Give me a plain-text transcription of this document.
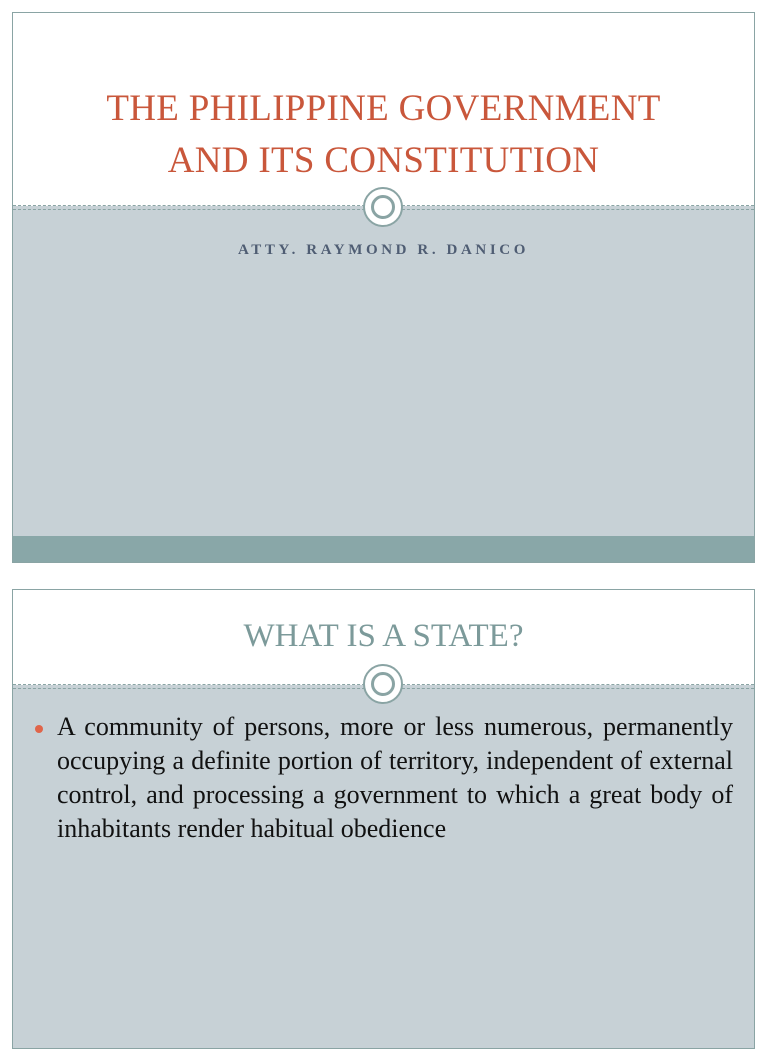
THE PHILIPPINE GOVERNMENT
AND ITS CONSTITUTION
ATTY. RAYMOND R. DANICO
WHAT IS A STATE?
A community of persons, more or less numerous, permanently occupying a definite portion of territory, independent of external control, and processing a government to which a great body of inhabitants render habitual obedience
